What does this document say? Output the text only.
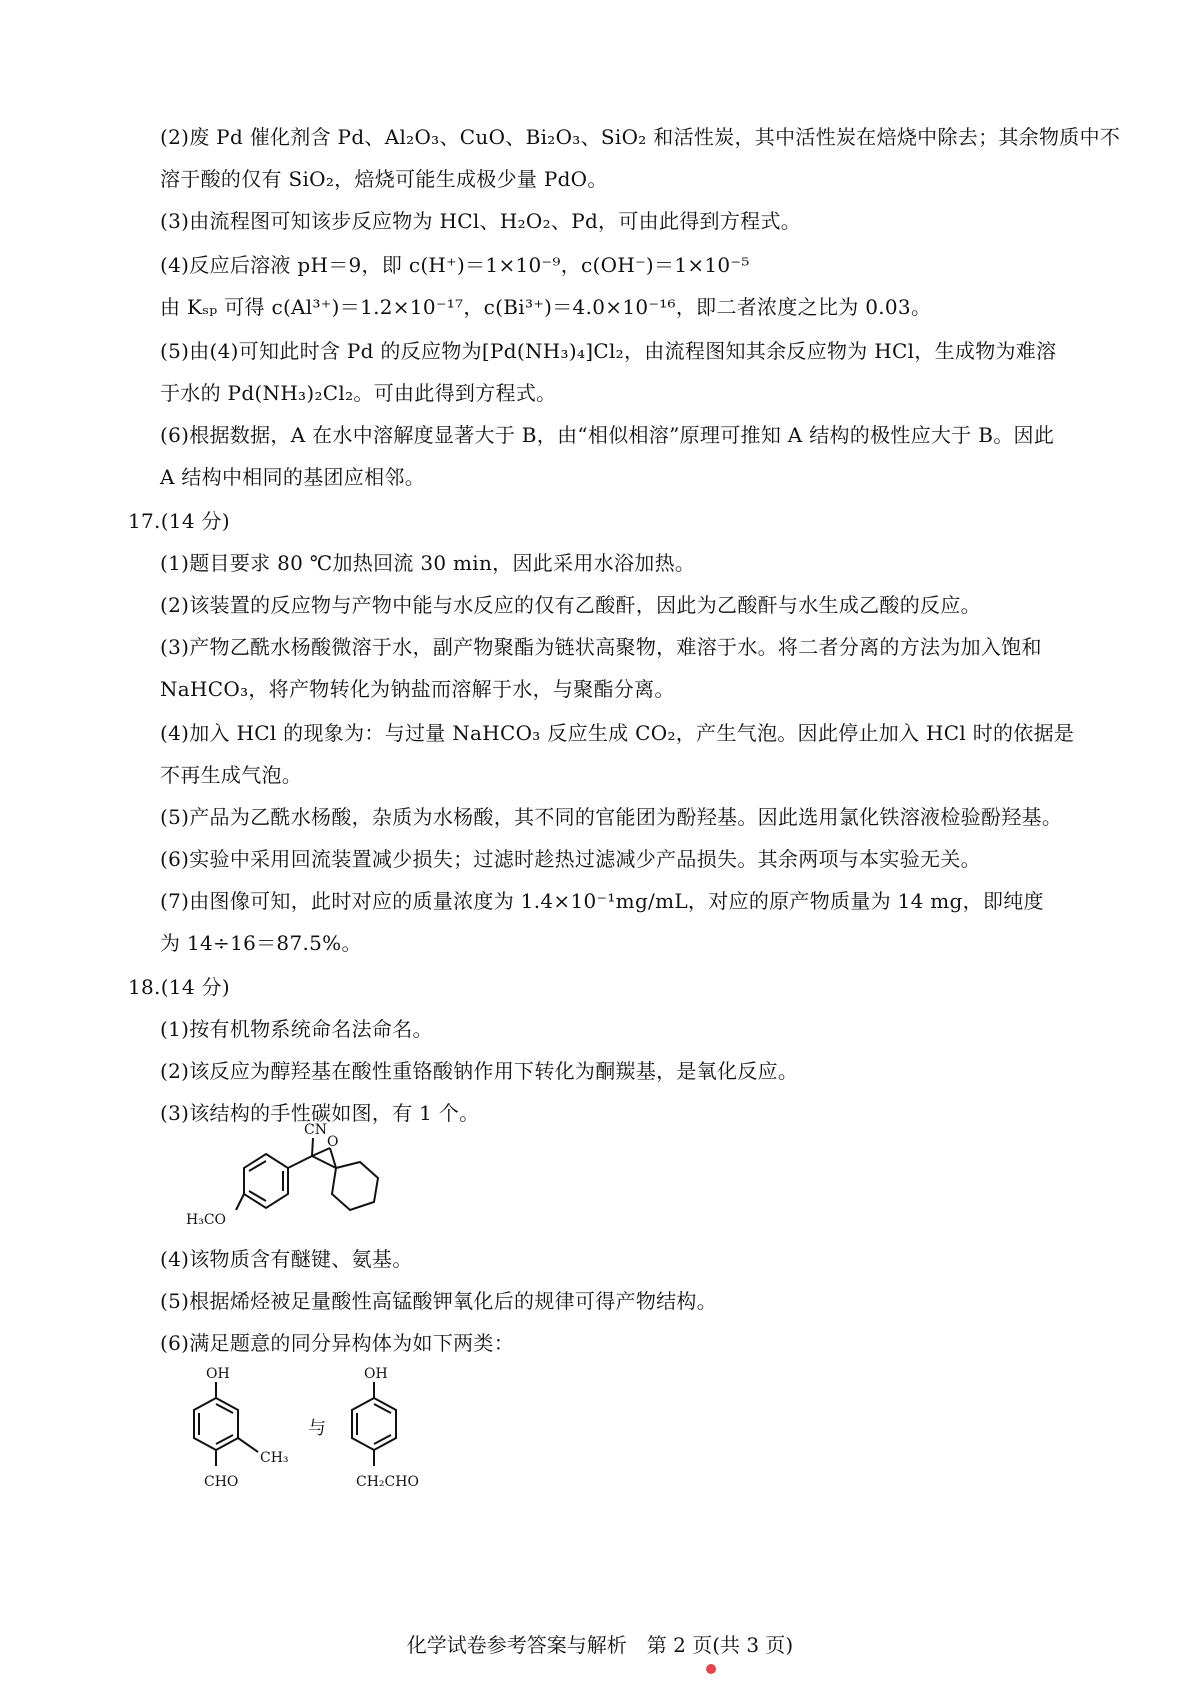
(2)废 Pd 催化剂含 Pd、Al₂O₃、CuO、Bi₂O₃、SiO₂ 和活性炭，其中活性炭在焙烧中除去；其余物质中不
溶于酸的仅有 SiO₂，焙烧可能生成极少量 PdO。
(3)由流程图可知该步反应物为 HCl、H₂O₂、Pd，可由此得到方程式。
(4)反应后溶液 pH＝9，即 c(H⁺)＝1×10⁻⁹，c(OH⁻)＝1×10⁻⁵
由 Kₛₚ 可得 c(Al³⁺)＝1.2×10⁻¹⁷，c(Bi³⁺)＝4.0×10⁻¹⁶，即二者浓度之比为 0.03。
(5)由(4)可知此时含 Pd 的反应物为[Pd(NH₃)₄]Cl₂，由流程图知其余反应物为 HCl，生成物为难溶
于水的 Pd(NH₃)₂Cl₂。可由此得到方程式。
(6)根据数据，A 在水中溶解度显著大于 B，由“相似相溶”原理可推知 A 结构的极性应大于 B。因此
A 结构中相同的基团应相邻。
17.(14 分)
(1)题目要求 80 ℃加热回流 30 min，因此采用水浴加热。
(2)该装置的反应物与产物中能与水反应的仅有乙酸酐，因此为乙酸酐与水生成乙酸的反应。
(3)产物乙酰水杨酸微溶于水，副产物聚酯为链状高聚物，难溶于水。将二者分离的方法为加入饱和
NaHCO₃，将产物转化为钠盐而溶解于水，与聚酯分离。
(4)加入 HCl 的现象为：与过量 NaHCO₃ 反应生成 CO₂，产生气泡。因此停止加入 HCl 时的依据是
不再生成气泡。
(5)产品为乙酰水杨酸，杂质为水杨酸，其不同的官能团为酚羟基。因此选用氯化铁溶液检验酚羟基。
(6)实验中采用回流装置减少损失；过滤时趁热过滤减少产品损失。其余两项与本实验无关。
(7)由图像可知，此时对应的质量浓度为 1.4×10⁻¹mg/mL，对应的原产物质量为 14 mg，即纯度
为 14÷16＝87.5%。
18.(14 分)
(1)按有机物系统命名法命名。
(2)该反应为醇羟基在酸性重铬酸钠作用下转化为酮羰基，是氧化反应。
(3)该结构的手性碳如图，有 1 个。
CN
O
H₃CO
(4)该物质含有醚键、氨基。
(5)根据烯烃被足量酸性高锰酸钾氧化后的规律可得产物结构。
(6)满足题意的同分异构体为如下两类：
OH
CH₃
CHO
与
OH
CH₂CHO
化学试卷参考答案与解析　第 2 页(共 3 页)
